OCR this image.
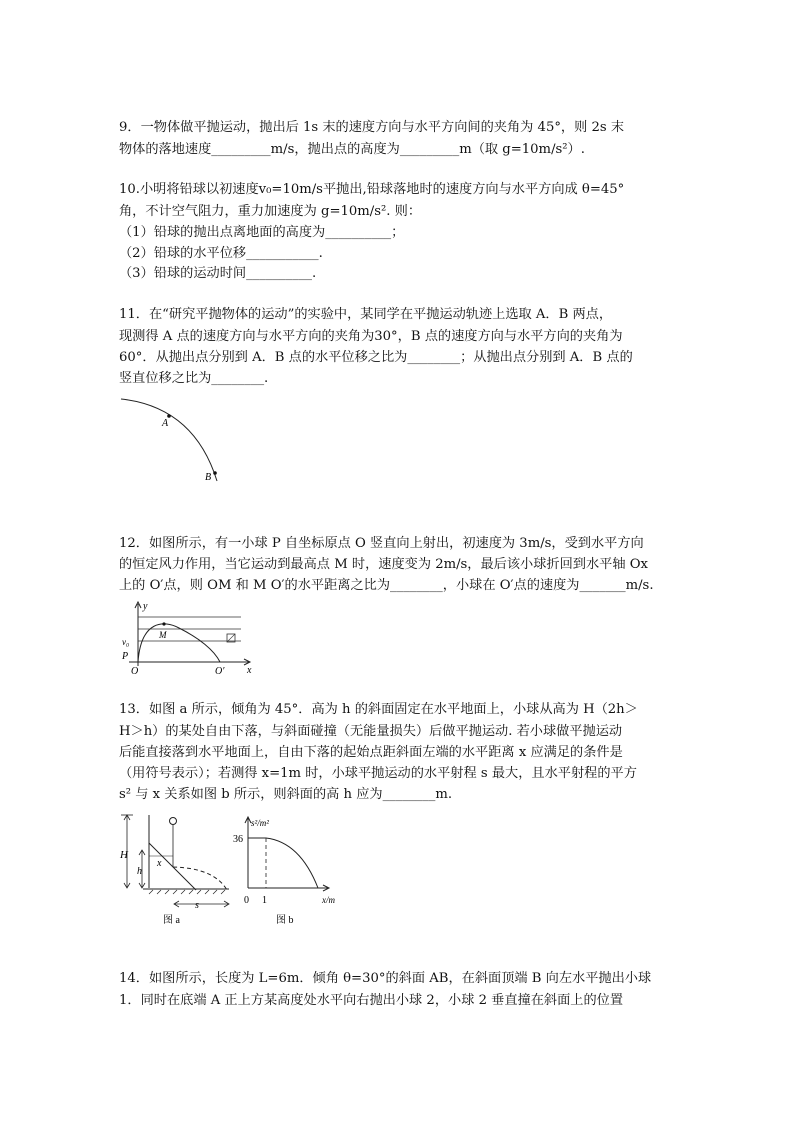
9．一物体做平抛运动，抛出后 1s 末的速度方向与水平方向间的夹角为 45°，则 2s 末
物体的落地速度_________m/s，抛出点的高度为_________m（取 g=10m/s²）.
10.小明将铅球以初速度v₀=10m/s平抛出,铅球落地时的速度方向与水平方向成 θ=45°
角，不计空气阻力，重力加速度为 g=10m/s². 则：
（1）铅球的抛出点离地面的高度为__________；
（2）铅球的水平位移___________.
（3）铅球的运动时间__________.
11．在“研究平抛物体的运动”的实验中，某同学在平抛运动轨迹上选取 A．B 两点，
现测得 A 点的速度方向与水平方向的夹角为30°，B 点的速度方向与水平方向的夹角为
60°．从抛出点分别到 A．B 点的水平位移之比为________；从抛出点分别到 A．B 点的
竖直位移之比为________.
A
B
12．如图所示，有一小球 P 自坐标原点 O 竖直向上射出，初速度为 3m/s，受到水平方向
的恒定风力作用，当它运动到最高点 M 时，速度变为 2m/s，最后该小球折回到水平轴 Ox
上的 O′点，则 OM 和 M O′的水平距离之比为________，小球在 O′点的速度为_______m/s.
y
x
v₀
P
O
M
O′
13．如图 a 所示，倾角为 45°．高为 h 的斜面固定在水平地面上，小球从高为 H（2h＞
H＞h）的某处自由下落，与斜面碰撞（无能量损失）后做平抛运动. 若小球做平抛运动
后能直接落到水平地面上，自由下落的起始点距斜面左端的水平距离 x 应满足的条件是
（用符号表示）；若测得 x=1m 时，小球平抛运动的水平射程 s 最大，且水平射程的平方
s² 与 x 关系如图 b 所示，则斜面的高 h 应为________m.
H
h
x
s
图 a
s²/m²
36
x/m
0 1
图 b
14．如图所示，长度为 L=6m．倾角 θ=30°的斜面 AB，在斜面顶端 B 向左水平抛出小球
1．同时在底端 A 正上方某高度处水平向右抛出小球 2，小球 2 垂直撞在斜面上的位置
